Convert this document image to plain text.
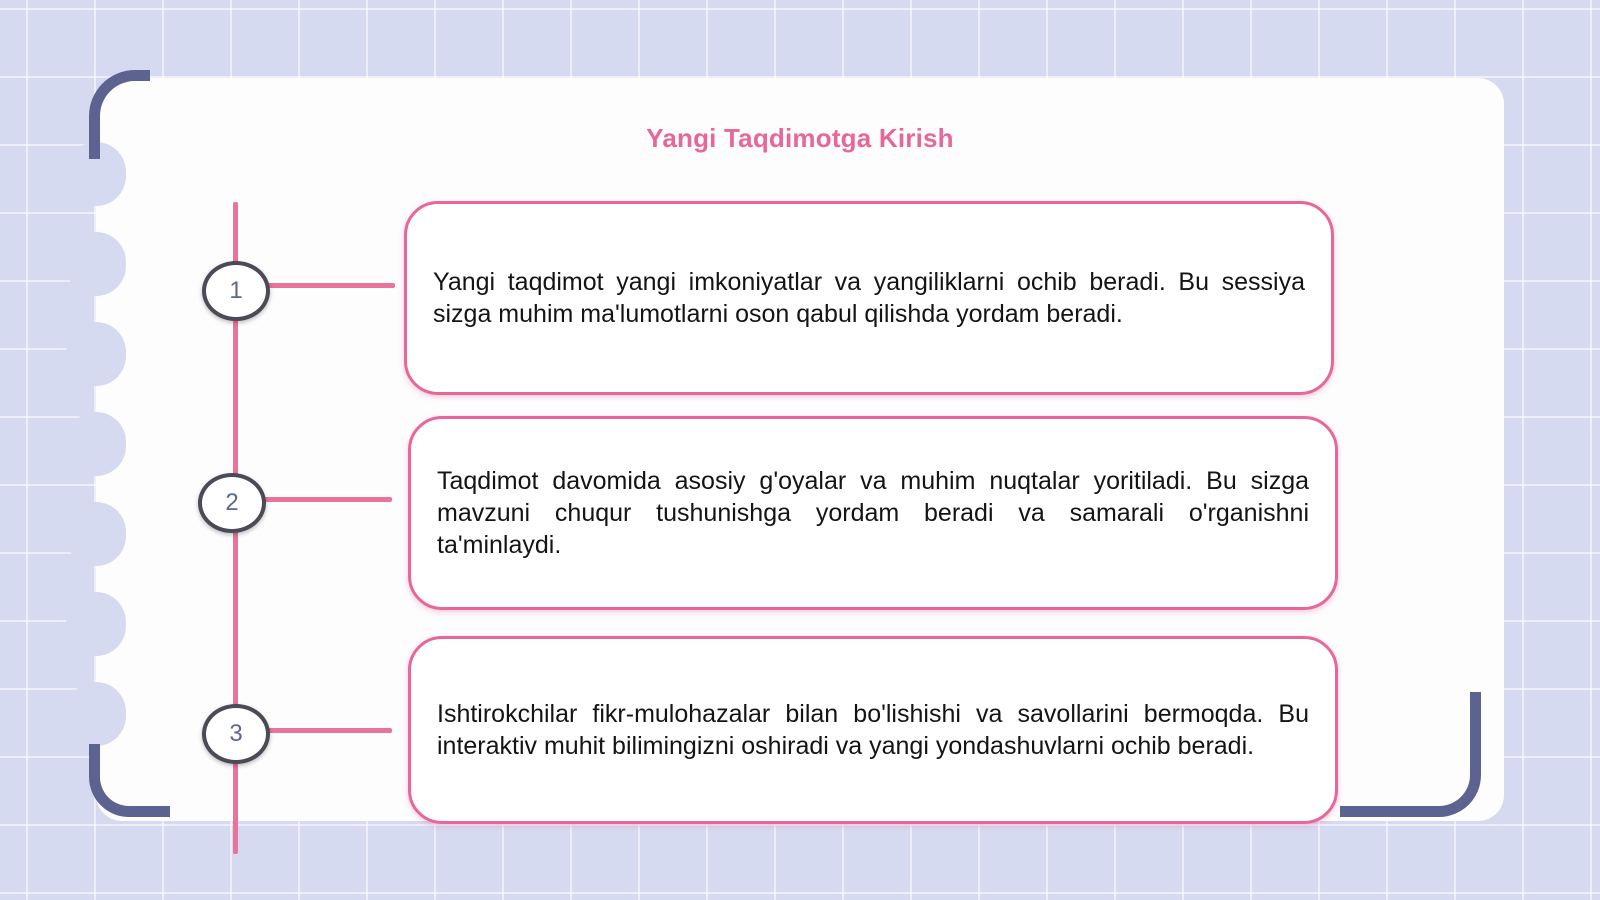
Yangi Taqdimotga Kirish
1
2
3

Yangi taqdimot yangi imkoniyatlar va yangiliklarni ochib beradi. Bu sessiya sizga muhim ma'lumotlarni oson qabul qilishda yordam beradi.

Taqdimot davomida asosiy g'oyalar va muhim nuqtalar yoritiladi. Bu sizga mavzuni chuqur tushunishga yordam beradi va samarali o'rganishni ta'minlaydi.

Ishtirokchilar fikr-mulohazalar bilan bo'lishishi va savollarini bermoqda. Bu interaktiv muhit bilimingizni oshiradi va yangi yondashuvlarni ochib beradi.
